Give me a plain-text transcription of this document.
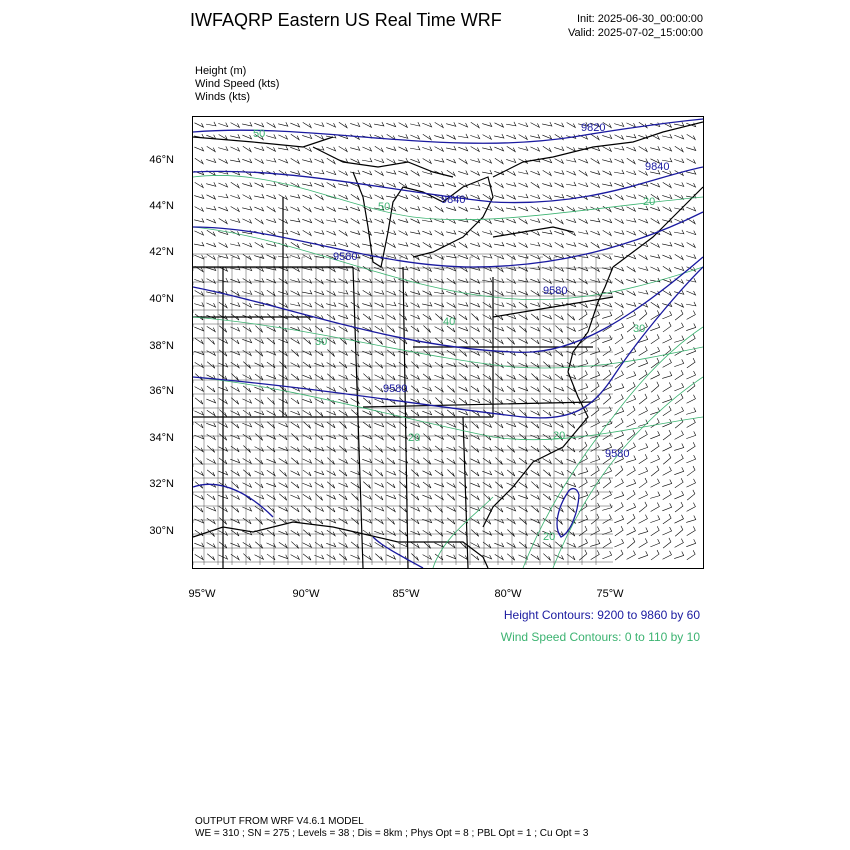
IWFAQRP Eastern US Real Time WRF	Init: 2025-06-30_00:00:00
Valid: 2025-07-02_15:00:00
Height (m)
Wind Speed (kts)
Winds (kts)
9820
9840
9840
9580
9580
9580
9580
50
50
40
30
30
20
20
20
20
46°N
44°N
42°N
40°N
38°N
36°N
34°N
32°N
30°N
95°W	90°W	85°W	80°W	75°W
Height Contours: 9200 to 9860 by 60
Wind Speed Contours: 0 to 110 by 10
OUTPUT FROM WRF V4.6.1 MODEL
WE = 310 ; SN = 275 ; Levels = 38 ; Dis = 8km ; Phys Opt = 8 ; PBL Opt = 1 ; Cu Opt = 3
